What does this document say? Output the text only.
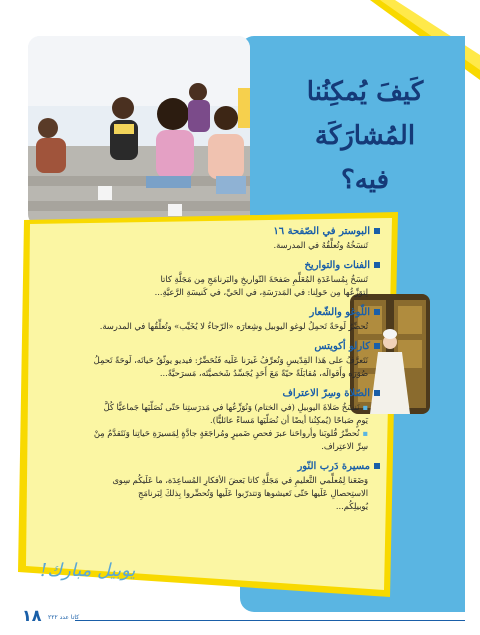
كَيفَ يُمكِنُنا
المُشارَكَة
فيه؟
البوستر في الصّفحة ١٦
تَنسَخُهُ وتُعلِّقُهُ في المدرسة.
الفنات والتواريخ
تَنسَخُ بِمُساعَدَةِ المُعَلِّمِ صَفحَةَ التّواريخِ والبَرنامَجِ مِن مَجَلَّةِ كاتا
لِتوَزِّعُها مِن حَولِنا: في المَدرَسَةِ، في الحَيِّ، في كَنيسَةِ الرَّعيَّةِ...
اللّوغو والشّعار
تُحضِّرُ لَوحَةً تَحمِلُ لوغو اليوبيل وشِعارَه «الرّجاءُ لا يُخَيِّب» وتُعلِّقُها في المدرسة.
كارلو أكويتس
نَتَعرَّفُ على هَذا القِدّيسِ وَنُعرِّفُ غَيرَنا عَلَيه فَنُحَضِّرُ: فيديو يوثّقُ حَياتَه، لَوحَةً تَحمِلُ
صُوَرَه وأَقوالَه، مُقابَلَةً حيّةً مَعَ أَحَدٍ يُجَسِّدُ شَخصيَّتَه، مَسرَحيَّةً...
الصّلاة وسِرّ الاعتراف
▪نَنسَخُ صَلاةَ اليوبيلِ (في الختام) وَنُوَزِّعُها في مَدرَستِنا حَتّى نُصَلّيَها جَماعيًّا كُلَّ
يَومٍ صَباحًا (يُمكِنُنا أيضًا أن نُصَلّيَها مَساءً عائليًّا).
▪نُحضِّرُ قُلوبَنا وأرواحَنا عبرَ فحصِ ضَميرٍ ومُراجَعَةٍ جادَّةٍ لِمَسيرَةِ حَياتِنا وَنَتَقدَّمُ مِنْ
سِرِّ الاعتِراف.
مسيرة دَرب النّور
وَضَعَنا لِمُعلِّمي التَّعليمِ في مَجَلَّةِ كاتا بَعضَ الأفكارِ المُساعِدَة، ما عَلَيكُم سِوى
الاستِحصالِ عَلَيها حَتّى تَعيشوها وَتتدرّبوا عَلَيها وَتُحضِّروا بِذلكَ لِبَرنامَجِ
يُوبيلِكُم...
يوبيل مبارك!
كاتا عدد ٢٢٢
١٨
